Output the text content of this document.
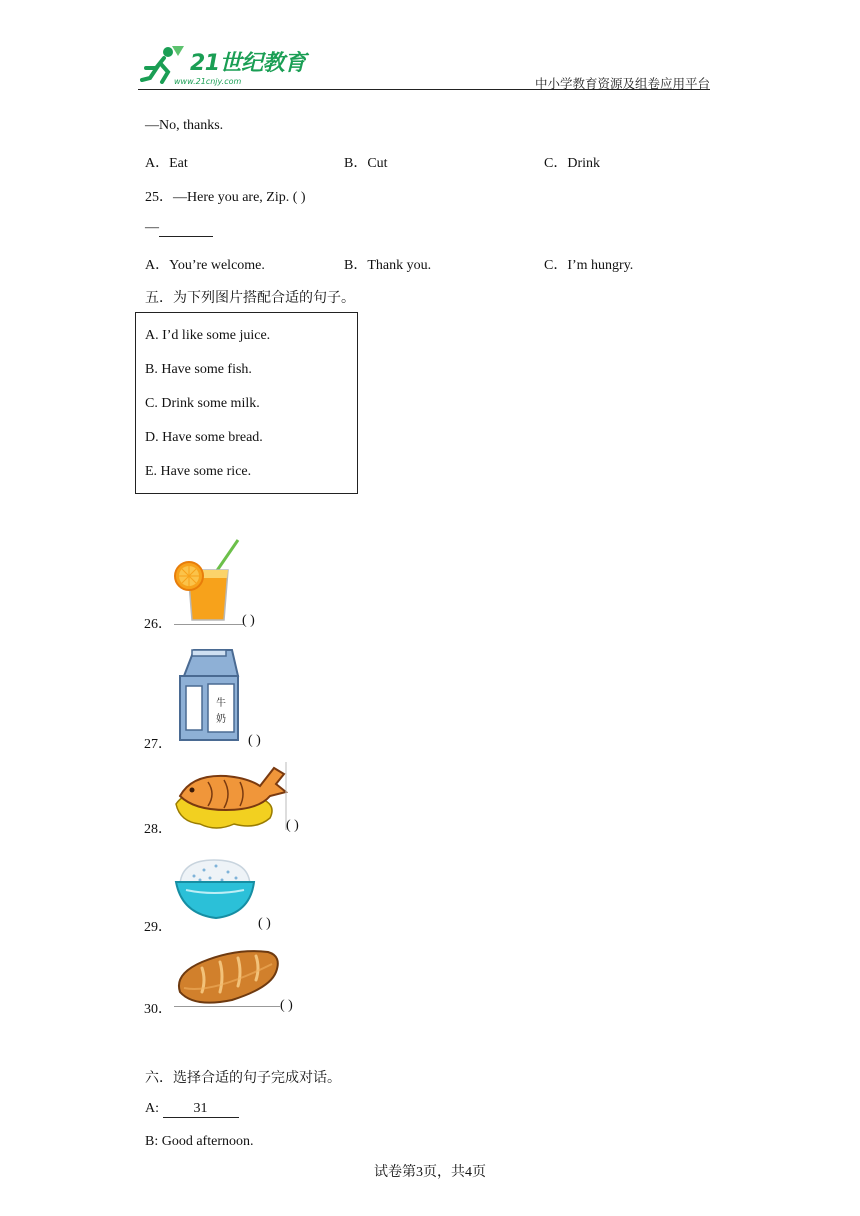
21世纪教育
www.21cnjy.com	中小学教育资源及组卷应用平台
—No, thanks.
A．Eat	B．Cut	C．Drink
25．—Here you are, Zip. ( )
—
A．You’re welcome.	B．Thank you.	C．I’m hungry.
五．为下列图片搭配合适的句子。
A. I’d like some juice.
B. Have some fish.
C. Drink some milk.
D. Have some bread.
E. Have some rice.
26．	( )
27．
牛
奶
( )
28．	( )
29．	( )
30．	( )
六．选择合适的句子完成对话。
A: 31
B: Good afternoon.
试卷第3页，共4页
